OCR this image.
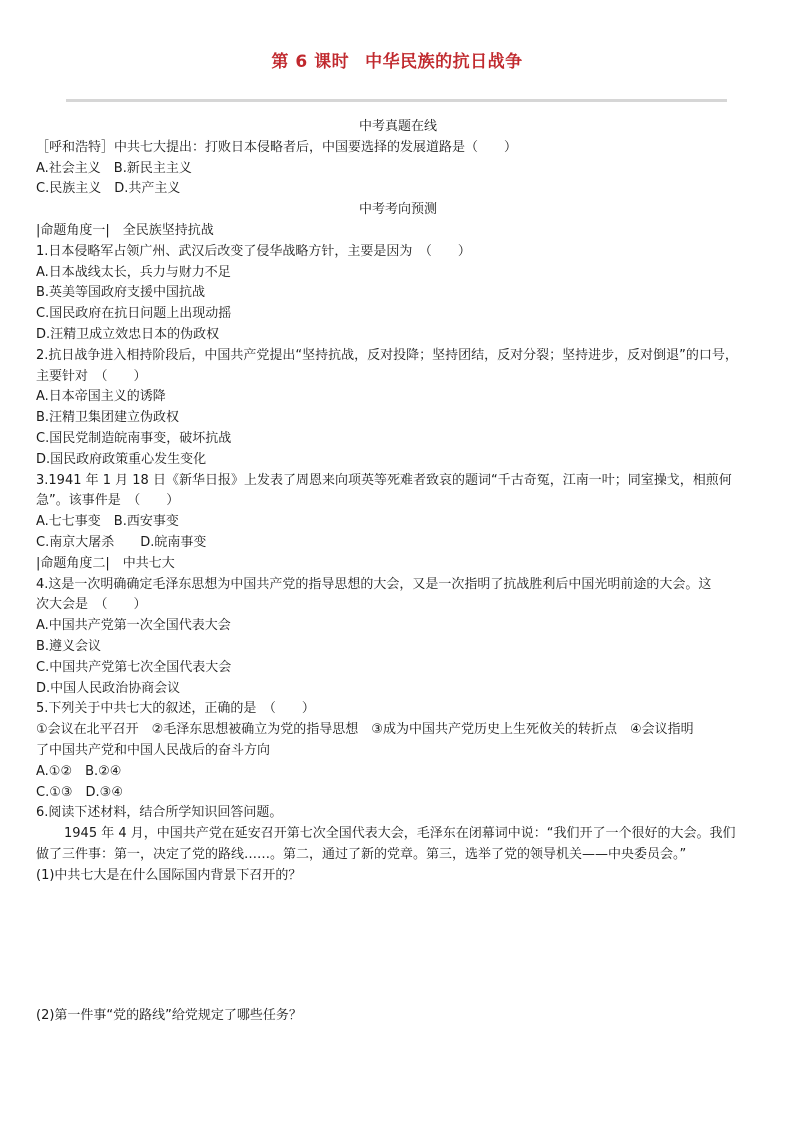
第 6 课时 中华民族的抗日战争
中考真题在线
［呼和浩特］中共七大提出：打败日本侵略者后，中国要选择的发展道路是（　　）
A.社会主义　B.新民主主义
C.民族主义　D.共产主义
中考考向预测
|命题角度一|　全民族坚持抗战
1.日本侵略军占领广州、武汉后改变了侵华战略方针，主要是因为　（　　）
A.日本战线太长，兵力与财力不足
B.英美等国政府支援中国抗战
C.国民政府在抗日问题上出现动摇
D.汪精卫成立效忠日本的伪政权
2.抗日战争进入相持阶段后，中国共产党提出“坚持抗战，反对投降；坚持团结，反对分裂；坚持进步，反对倒退”的口号，
主要针对　（　　）
A.日本帝国主义的诱降
B.汪精卫集团建立伪政权
C.国民党制造皖南事变，破坏抗战
D.国民政府政策重心发生变化
3.1941 年 1 月 18 日《新华日报》上发表了周恩来向项英等死难者致哀的题词“千古奇冤，江南一叶；同室操戈，相煎何
急”。该事件是　（　　）
A.七七事变　B.西安事变
C.南京大屠杀　　D.皖南事变
|命题角度二|　中共七大
4.这是一次明确确定毛泽东思想为中国共产党的指导思想的大会，又是一次指明了抗战胜利后中国光明前途的大会。这
次大会是　（　　）
A.中国共产党第一次全国代表大会
B.遵义会议
C.中国共产党第七次全国代表大会
D.中国人民政治协商会议
5.下列关于中共七大的叙述，正确的是　（　　）
①会议在北平召开　②毛泽东思想被确立为党的指导思想　③成为中国共产党历史上生死攸关的转折点　④会议指明
了中国共产党和中国人民战后的奋斗方向
A.①②　B.②④
C.①③　D.③④
6.阅读下述材料，结合所学知识回答问题。
1945 年 4 月，中国共产党在延安召开第七次全国代表大会，毛泽东在闭幕词中说：“我们开了一个很好的大会。我们
做了三件事：第一，决定了党的路线……。第二，通过了新的党章。第三，选举了党的领导机关——中央委员会。”
(1)中共七大是在什么国际国内背景下召开的？
(2)第一件事“党的路线”给党规定了哪些任务？
